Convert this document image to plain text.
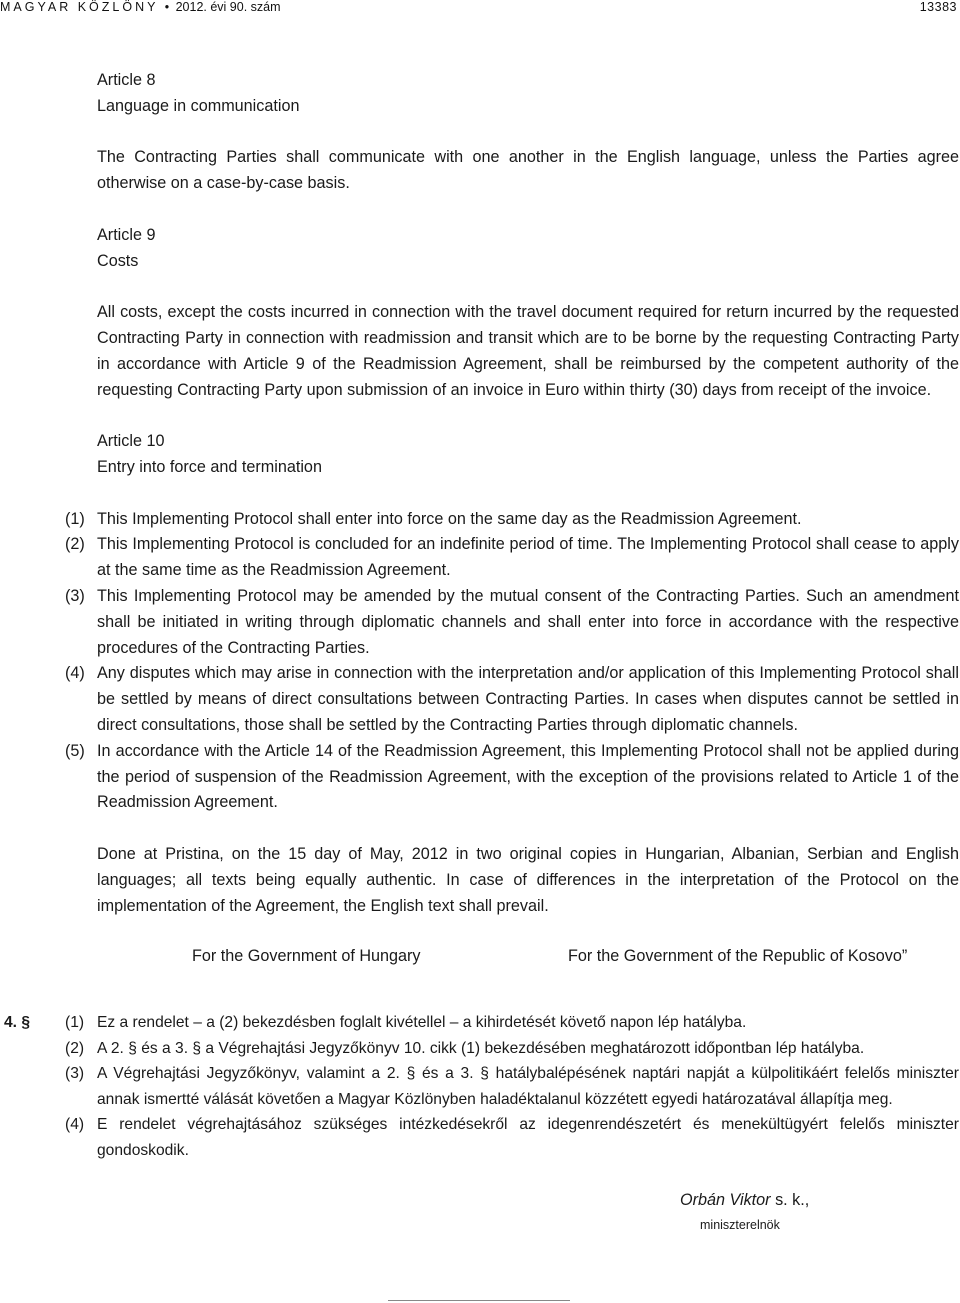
MAGYAR KÖZLÖNY • 2012. évi 90. szám	13383

Article 8

Language in communication

The Contracting Parties shall communicate with one another in the English language, unless the Parties agree otherwise on a case-by-case basis.

Article 9

Costs

All costs, except the costs incurred in connection with the travel document required for return incurred by the requested Contracting Party in connection with readmission and transit which are to be borne by the requesting Contracting Party in accordance with Article 9 of the Readmission Agreement, shall be reimbursed by the competent authority of the requesting Contracting Party upon submission of an invoice in Euro within thirty (30) days from receipt of the invoice.

Article 10

Entry into force and termination

(1) This Implementing Protocol shall enter into force on the same day as the Readmission Agreement.
(2) This Implementing Protocol is concluded for an indefinite period of time. The Implementing Protocol shall cease to apply at the same time as the Readmission Agreement.
(3) This Implementing Protocol may be amended by the mutual consent of the Contracting Parties. Such an amendment shall be initiated in writing through diplomatic channels and shall enter into force in accordance with the respective procedures of the Contracting Parties.
(4) Any disputes which may arise in connection with the interpretation and/or application of this Implementing Protocol shall be settled by means of direct consultations between Contracting Parties. In cases when disputes cannot be settled in direct consultations, those shall be settled by the Contracting Parties through diplomatic channels.
(5) In accordance with the Article 14 of the Readmission Agreement, this Implementing Protocol shall not be applied during the period of suspension of the Readmission Agreement, with the exception of the provisions related to Article 1 of the Readmission Agreement.

Done at Pristina, on the 15 day of May, 2012 in two original copies in Hungarian, Albanian, Serbian and English languages; all texts being equally authentic. In case of differences in the interpretation of the Protocol on the implementation of the Agreement, the English text shall prevail.

For the Government of Hungary	For the Government of the Republic of Kosovo”
4. § (1) Ez a rendelet – a (2) bekezdésben foglalt kivétellel – a kihirdetését követő napon lép hatályba.
(2) A 2. § és a 3. § a Végrehajtási Jegyzőkönyv 10. cikk (1) bekezdésében meghatározott időpontban lép hatályba.
(3) A Végrehajtási Jegyzőkönyv, valamint a 2. § és a 3. § hatálybalépésének naptári napját a külpolitikáért felelős miniszter annak ismertté válását követően a Magyar Közlönyben haladéktalanul közzétett egyedi határozatával állapítja meg.
(4) E rendelet végrehajtásához szükséges intézkedésekről az idegenrendészetért és menekültügyért felelős miniszter gondoskodik.
Orbán Viktor s. k.,
miniszterelnök
